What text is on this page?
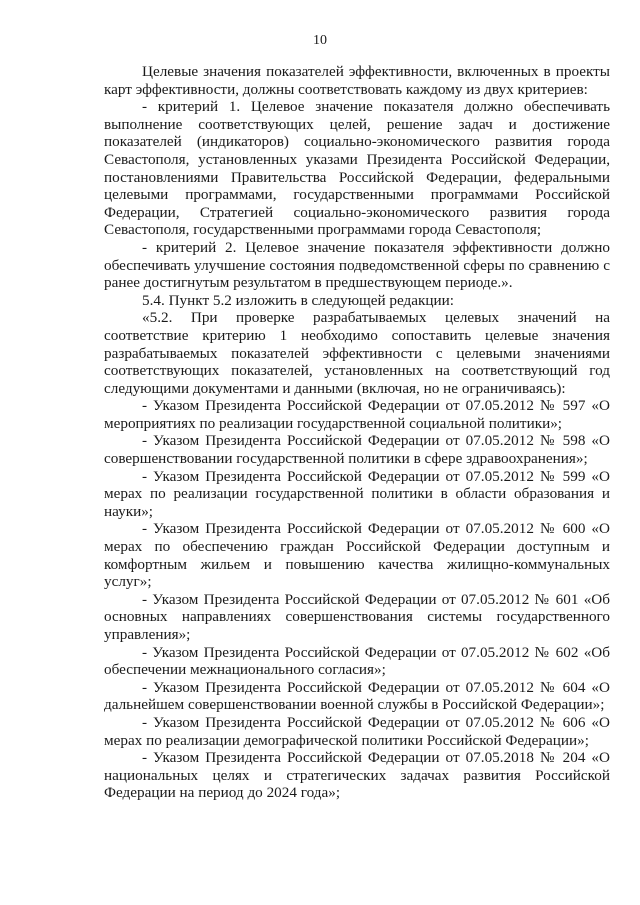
10

Целевые значения показателей эффективности, включенных в проекты карт эффективности, должны соответствовать каждому из двух критериев:

- критерий 1. Целевое значение показателя должно обеспечивать выполнение соответствующих целей, решение задач и достижение показателей (индикаторов) социально-экономического развития города Севастополя, установленных указами Президента Российской Федерации, постановлениями Правительства Российской Федерации, федеральными целевыми программами, государственными программами Российской Федерации, Стратегией социально-экономического развития города Севастополя, государственными программами города Севастополя;

- критерий 2. Целевое значение показателя эффективности должно обеспечивать улучшение состояния подведомственной сферы по сравнению с ранее достигнутым результатом в предшествующем периоде.».

5.4. Пункт 5.2 изложить в следующей редакции:

«5.2. При проверке разрабатываемых целевых значений на соответствие критерию 1 необходимо сопоставить целевые значения разрабатываемых показателей эффективности с целевыми значениями соответствующих показателей, установленных на соответствующий год следующими документами и данными (включая, но не ограничиваясь):

- Указом Президента Российской Федерации от 07.05.2012 № 597 «О мероприятиях по реализации государственной социальной политики»;

- Указом Президента Российской Федерации от 07.05.2012 № 598 «О совершенствовании государственной политики в сфере здравоохранения»;

- Указом Президента Российской Федерации от 07.05.2012 № 599 «О мерах по реализации государственной политики в области образования и науки»;

- Указом Президента Российской Федерации от 07.05.2012 № 600 «О мерах по обеспечению граждан Российской Федерации доступным и комфортным жильем и повышению качества жилищно-коммунальных услуг»;

- Указом Президента Российской Федерации от 07.05.2012 № 601 «Об основных направлениях совершенствования системы государственного управления»;

- Указом Президента Российской Федерации от 07.05.2012 № 602 «Об обеспечении межнационального согласия»;

- Указом Президента Российской Федерации от 07.05.2012 № 604 «О дальнейшем совершенствовании военной службы в Российской Федерации»;

- Указом Президента Российской Федерации от 07.05.2012 № 606 «О мерах по реализации демографической политики Российской Федерации»;

- Указом Президента Российской Федерации от 07.05.2018 № 204 «О национальных целях и стратегических задачах развития Российской Федерации на период до 2024 года»;
